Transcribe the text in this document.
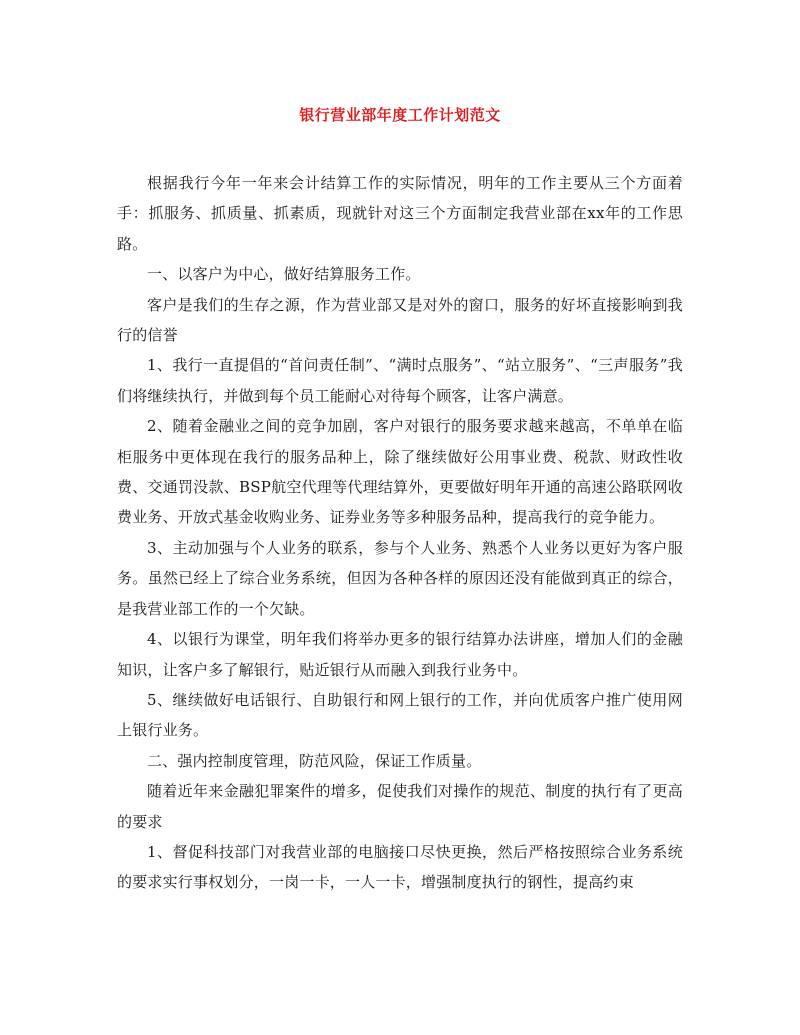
银行营业部年度工作计划范文

根据我行今年一年来会计结算工作的实际情况，明年的工作主要从三个方面着手：抓服务、抓质量、抓素质，现就针对这三个方面制定我营业部在xx年的工作思路。

一、以客户为中心，做好结算服务工作。

客户是我们的生存之源，作为营业部又是对外的窗口，服务的好坏直接影响到我行的信誉

1、我行一直提倡的“首问责任制”、“满时点服务”、“站立服务”、“三声服务”我们将继续执行，并做到每个员工能耐心对待每个顾客，让客户满意。

2、随着金融业之间的竞争加剧，客户对银行的服务要求越来越高，不单单在临柜服务中更体现在我行的服务品种上，除了继续做好公用事业费、税款、财政性收费、交通罚没款、BSP航空代理等代理结算外，更要做好明年开通的高速公路联网收费业务、开放式基金收购业务、证券业务等多种服务品种，提高我行的竞争能力。

3、主动加强与个人业务的联系，参与个人业务、熟悉个人业务以更好为客户服务。虽然已经上了综合业务系统，但因为各种各样的原因还没有能做到真正的综合，是我营业部工作的一个欠缺。

4、以银行为课堂，明年我们将举办更多的银行结算办法讲座，增加人们的金融知识，让客户多了解银行，贴近银行从而融入到我行业务中。

5、继续做好电话银行、自助银行和网上银行的工作，并向优质客户推广使用网上银行业务。

二、强内控制度管理，防范风险，保证工作质量。

随着近年来金融犯罪案件的增多，促使我们对操作的规范、制度的执行有了更高的要求

1、督促科技部门对我营业部的电脑接口尽快更换，然后严格按照综合业务系统的要求实行事权划分，一岗一卡，一人一卡，增强制度执行的钢性，提高约束
